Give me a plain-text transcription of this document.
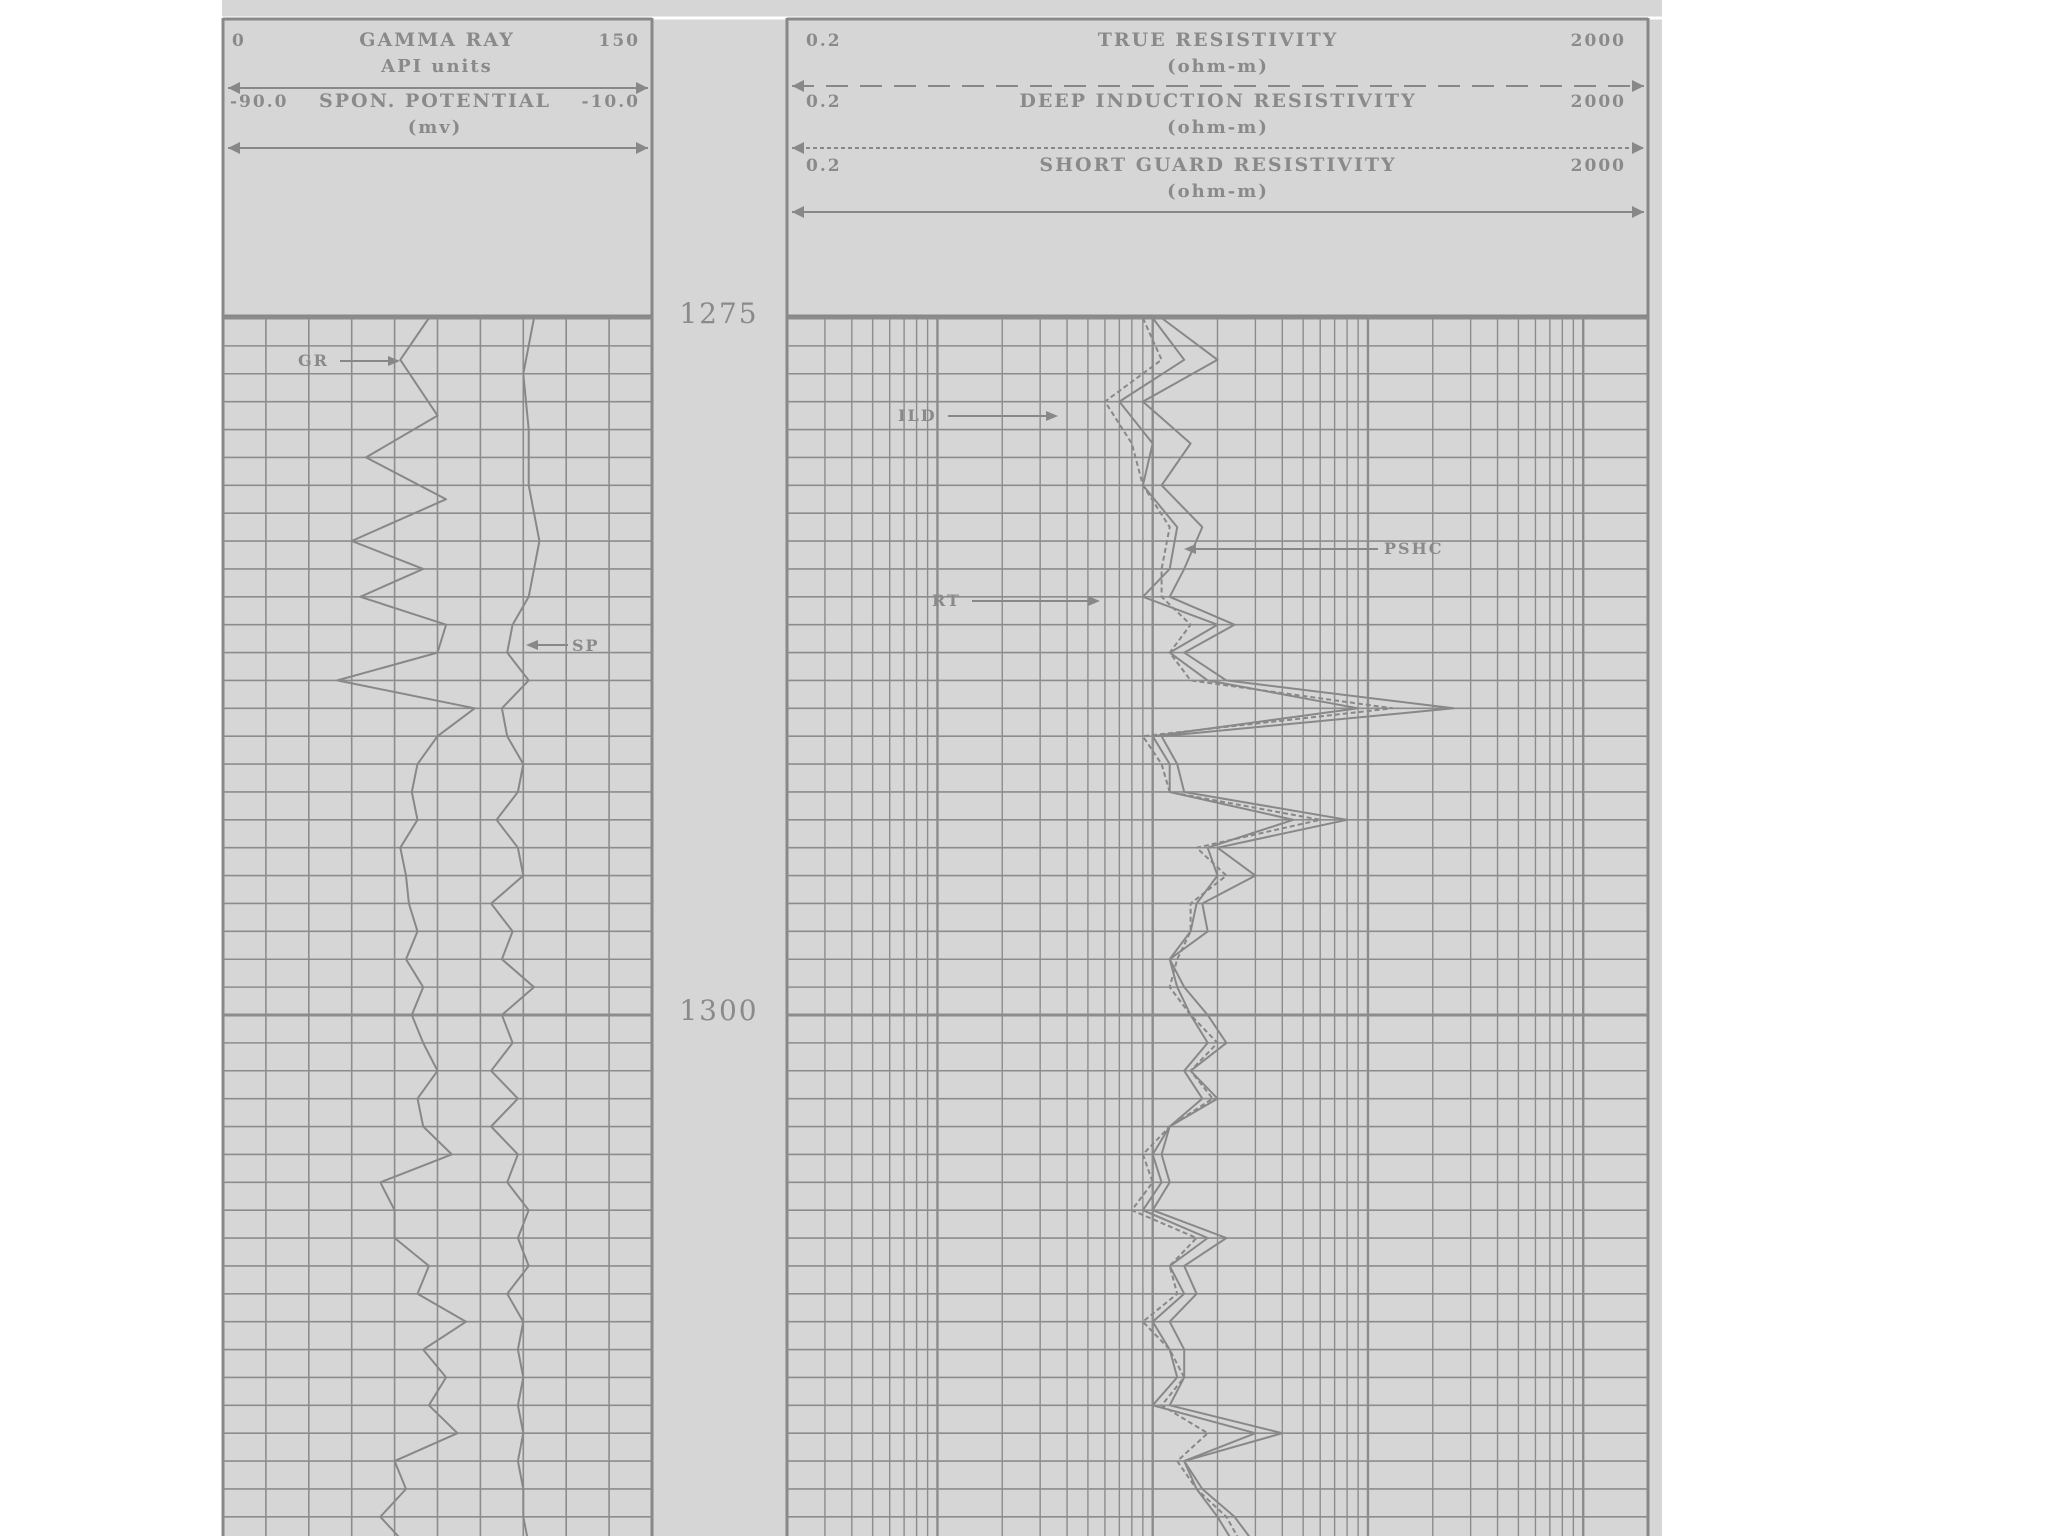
0	GAMMA RAY	150
API units
-90.0 SPON. POTENTIAL -10.0
(mv)
0.2	TRUE RESISTIVITY	2000
(ohm-m)
0.2	DEEP INDUCTION RESISTIVITY	2000
(ohm-m)
0.2	SHORT GUARD RESISTIVITY	2000
(ohm-m)
1275
1300
GR
SP
ILD
RT
PSHC
